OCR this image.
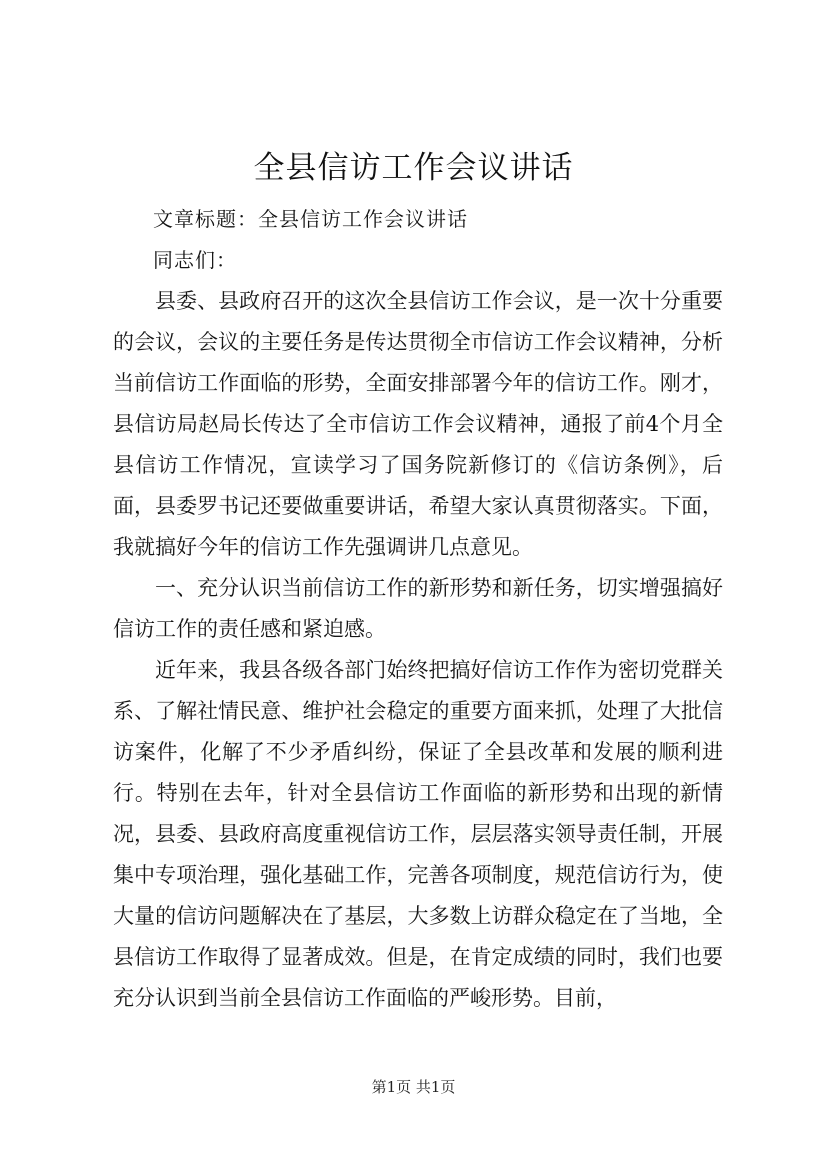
全县信访工作会议讲话

文章标题：全县信访工作会议讲话

同志们：

县委、县政府召开的这次全县信访工作会议，是一次十分重要的会议，会议的主要任务是传达贯彻全市信访工作会议精神，分析当前信访工作面临的形势，全面安排部署今年的信访工作。刚才，县信访局赵局长传达了全市信访工作会议精神，通报了前4个月全县信访工作情况，宣读学习了国务院新修订的《信访条例》，后面，县委罗书记还要做重要讲话，希望大家认真贯彻落实。下面，我就搞好今年的信访工作先强调讲几点意见。

一、充分认识当前信访工作的新形势和新任务，切实增强搞好信访工作的责任感和紧迫感。

近年来，我县各级各部门始终把搞好信访工作作为密切党群关系、了解社情民意、维护社会稳定的重要方面来抓，处理了大批信访案件，化解了不少矛盾纠纷，保证了全县改革和发展的顺利进行。特别在去年，针对全县信访工作面临的新形势和出现的新情况，县委、县政府高度重视信访工作，层层落实领导责任制，开展集中专项治理，强化基础工作，完善各项制度，规范信访行为，使大量的信访问题解决在了基层，大多数上访群众稳定在了当地，全县信访工作取得了显著成效。但是，在肯定成绩的同时，我们也要充分认识到当前全县信访工作面临的严峻形势。目前，

第1页 共1页
